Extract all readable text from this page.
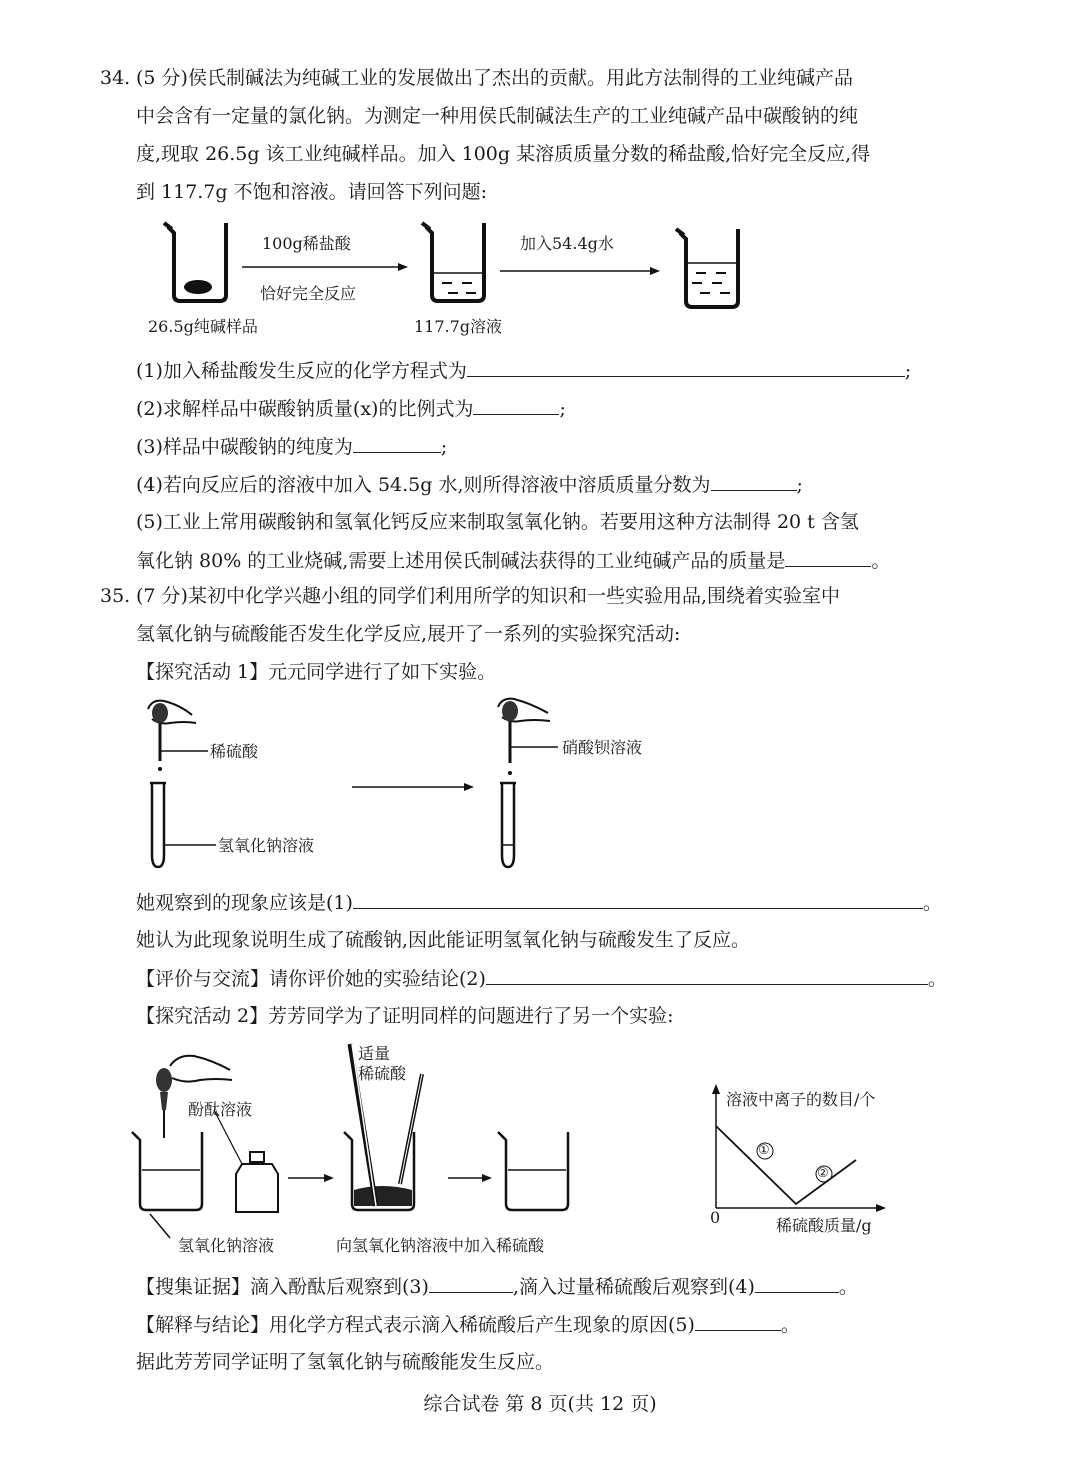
34. (5 分)侯氏制碱法为纯碱工业的发展做出了杰出的贡献。用此方法制得的工业纯碱产品
中会含有一定量的氯化钠。为测定一种用侯氏制碱法生产的工业纯碱产品中碳酸钠的纯
度,现取 26.5g 该工业纯碱样品。加入 100g 某溶质质量分数的稀盐酸,恰好完全反应,得
到 117.7g 不饱和溶液。请回答下列问题:
100g稀盐酸
恰好完全反应
加入54.4g水
26.5g纯碱样品	117.7g溶液
(1)加入稀盐酸发生反应的化学方程式为	;
(2)求解样品中碳酸钠质量(x)的比例式为	;
(3)样品中碳酸钠的纯度为	;
(4)若向反应后的溶液中加入 54.5g 水,则所得溶液中溶质质量分数为	;
(5)工业上常用碳酸钠和氢氧化钙反应来制取氢氧化钠。若要用这种方法制得 20 t 含氢
氧化钠 80% 的工业烧碱,需要上述用侯氏制碱法获得的工业纯碱产品的质量是	。
35. (7 分)某初中化学兴趣小组的同学们利用所学的知识和一些实验用品,围绕着实验室中
氢氧化钠与硫酸能否发生化学反应,展开了一系列的实验探究活动:
【探究活动 1】元元同学进行了如下实验。
稀硫酸
氢氧化钠溶液
硝酸钡溶液
她观察到的现象应该是(1)	。
她认为此现象说明生成了硫酸钠,因此能证明氢氧化钠与硫酸发生了反应。
【评价与交流】请你评价她的实验结论(2)	。
【探究活动 2】芳芳同学为了证明同样的问题进行了另一个实验:
酚酞溶液
氢氧化钠溶液
适量
稀硫酸
向氢氧化钠溶液中加入稀硫酸
溶液中离子的数目/个
稀硫酸质量/g
0
①
②
【搜集证据】滴入酚酞后观察到(3)	,滴入过量稀硫酸后观察到(4)	。
【解释与结论】用化学方程式表示滴入稀硫酸后产生现象的原因(5)	。
据此芳芳同学证明了氢氧化钠与硫酸能发生反应。
综合试卷 第 8 页(共 12 页)
